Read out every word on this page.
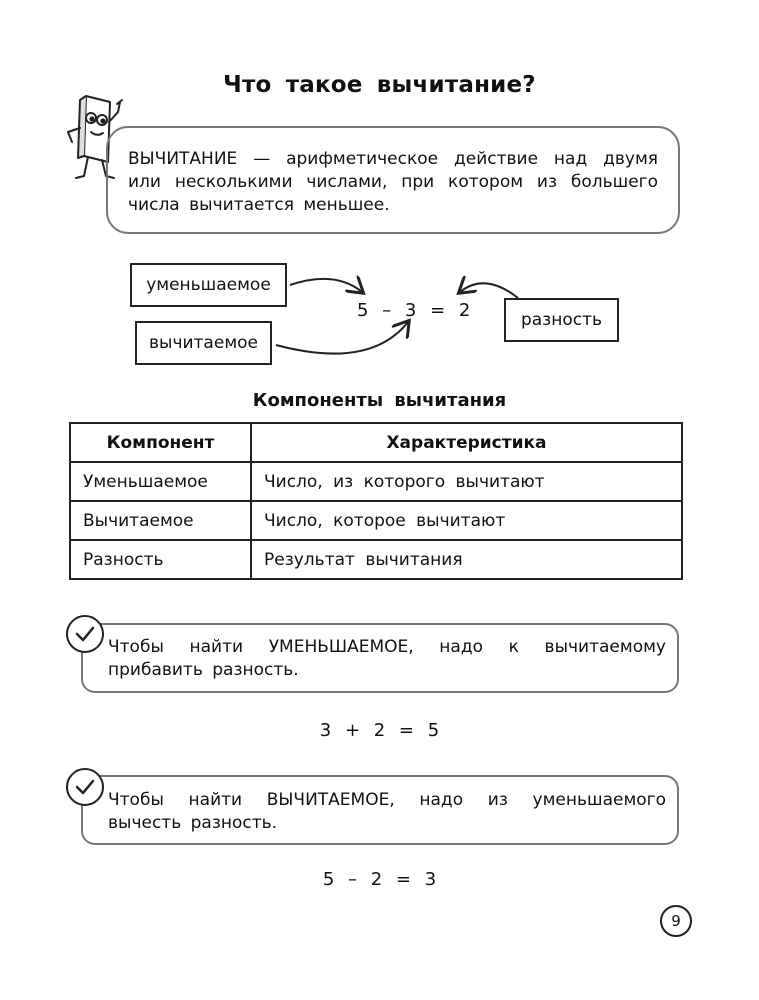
Что такое вычитание?
ВЫЧИТАНИЕ — арифметическое действие над двумя или несколькими числами, при котором из большего числа вычитается меньшее.
уменьшаемое
вычитаемое
разность
5 – 3 = 2
Компоненты вычитания
Компонент	Характеристика
Уменьшаемое	Число, из которого вычитают
Вычитаемое	Число, которое вычитают
Разность	Результат вычитания
Чтобы найти УМЕНЬШАЕМОЕ, надо к вычитаемому прибавить разность.
3 + 2 = 5
Чтобы найти ВЫЧИТАЕМОЕ, надо из уменьшаемого вычесть разность.
5 – 2 = 3
9
